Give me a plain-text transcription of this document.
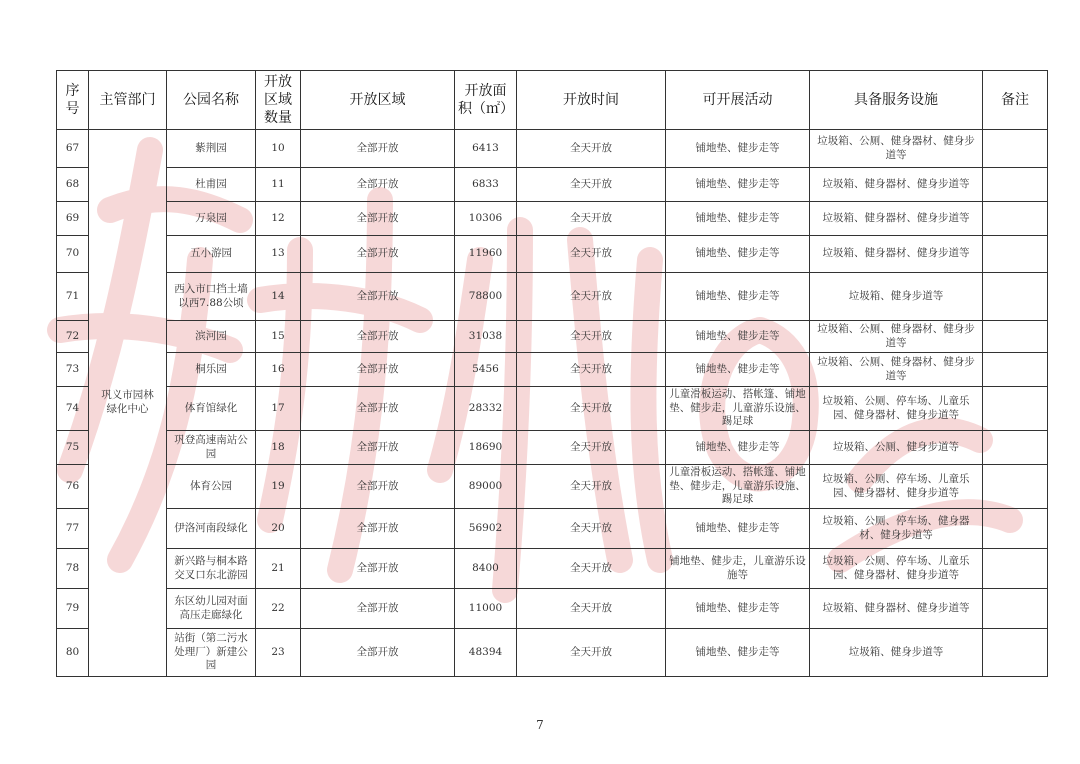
序号	主管部门	公园名称	开放区域数量	开放区域	开放面积（㎡）	开放时间	可开展活动	具备服务设施	备注
67	巩义市园林绿化中心	紫荆园	10	全部开放	6413	全天开放	铺地垫、健步走等	垃圾箱、公厕、健身器材、健身步道等	
68		杜甫园	11	全部开放	6833	全天开放	铺地垫、健步走等	垃圾箱、健身器材、健身步道等	
69		万泉园	12	全部开放	10306	全天开放	铺地垫、健步走等	垃圾箱、健身器材、健身步道等	
70		五小游园	13	全部开放	11960	全天开放	铺地垫、健步走等	垃圾箱、健身器材、健身步道等	
71		西入市口挡土墙以西7.88公顷	14	全部开放	78800	全天开放	铺地垫、健步走等	垃圾箱、健身步道等	
72		滨河园	15	全部开放	31038	全天开放	铺地垫、健步走等	垃圾箱、公厕、健身器材、健身步道等	
73		桐乐园	16	全部开放	5456	全天开放	铺地垫、健步走等	垃圾箱、公厕、健身器材、健身步道等	
74		体育馆绿化	17	全部开放	28332	全天开放	儿童滑板运动、搭帐篷、铺地垫、健步走，儿童游乐设施、踢足球	垃圾箱、公厕、停车场、儿童乐园、健身器材、健身步道等	
75		巩登高速南站公园	18	全部开放	18690	全天开放	铺地垫、健步走等	垃圾箱、公厕、健身步道等	
76		体育公园	19	全部开放	89000	全天开放	儿童滑板运动、搭帐篷、铺地垫、健步走，儿童游乐设施、踢足球	垃圾箱、公厕、停车场、儿童乐园、健身器材、健身步道等	
77		伊洛河南段绿化	20	全部开放	56902	全天开放	铺地垫、健步走等	垃圾箱、公厕、停车场、健身器材、健身步道等	
78		新兴路与桐本路交叉口东北游园	21	全部开放	8400	全天开放	铺地垫、健步走，儿童游乐设施等	垃圾箱、公厕、停车场、儿童乐园、健身器材、健身步道等	
79		东区幼儿园对面高压走廊绿化	22	全部开放	11000	全天开放	铺地垫、健步走等	垃圾箱、健身器材、健身步道等	
80		站街（第二污水处理厂）新建公园	23	全部开放	48394	全天开放	铺地垫、健步走等	垃圾箱、健身步道等	
7
